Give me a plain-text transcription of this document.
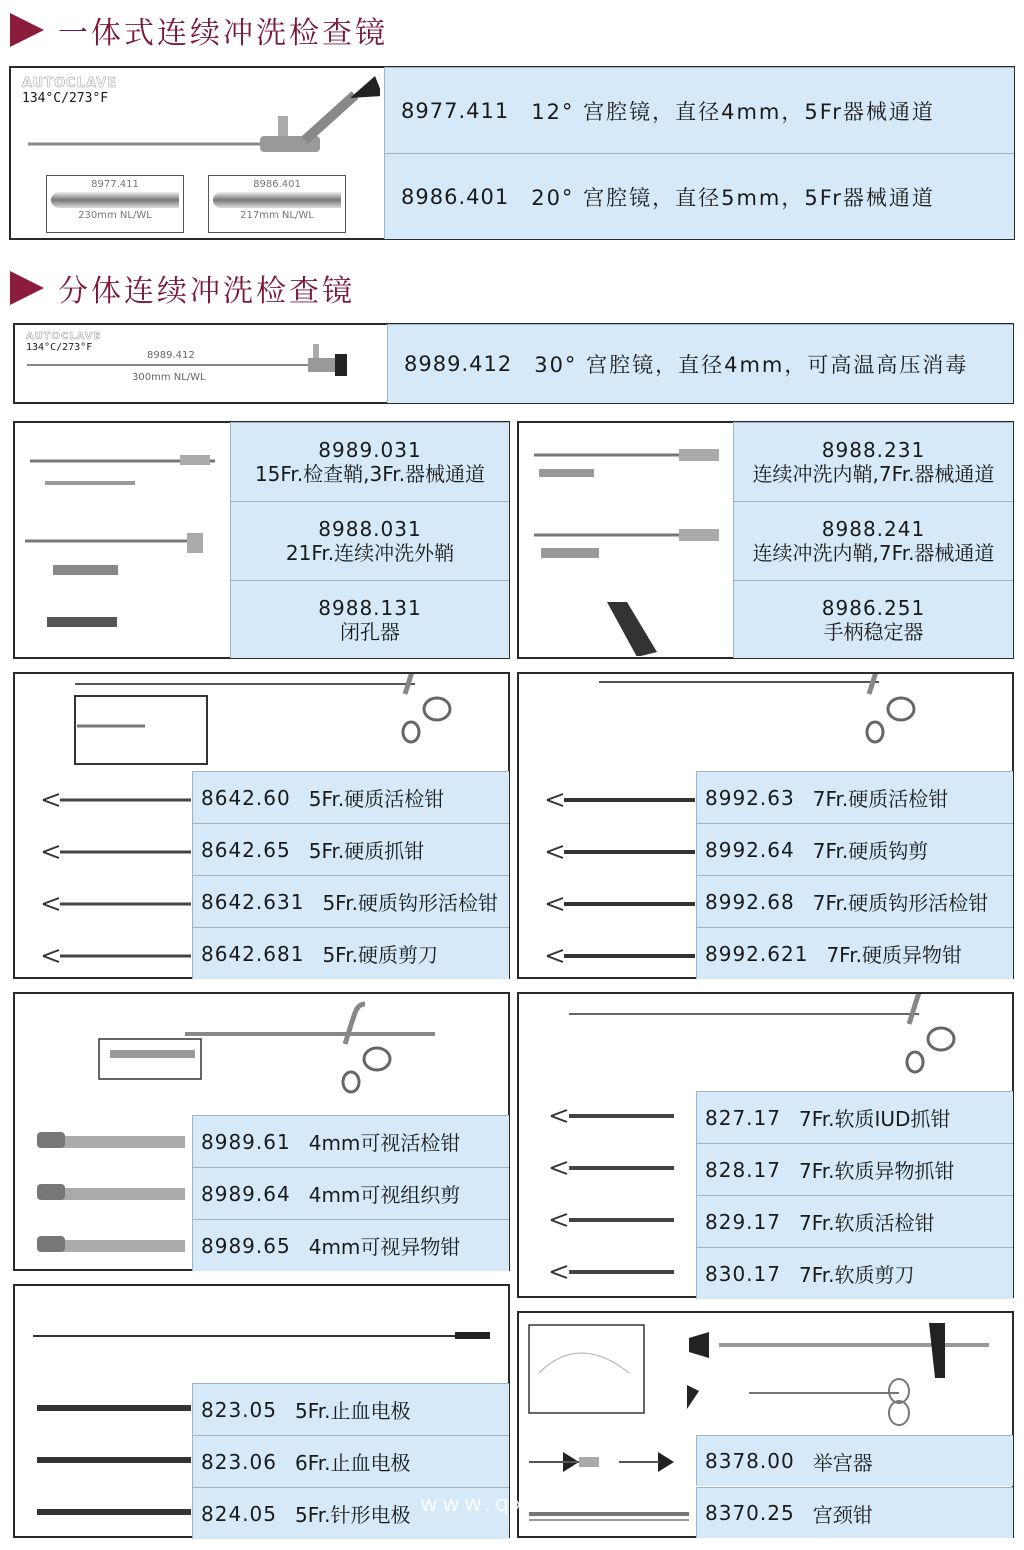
一体式连续冲洗检查镜
分体连续冲洗检查镜
AUTOCLAVE
134°C/273°F
8977.411
230mm NL/WL
8986.401
217mm NL/WL
8977.411 12° 宫腔镜，直径4mm，5Fr器械通道
8986.401 20° 宫腔镜，直径5mm，5Fr器械通道
AUTOCLAVE
134°C/273°F
8989.412
300mm NL/WL
8989.412 30° 宫腔镜，直径4mm，可高温高压消毒
8989.031
15Fr.检查鞘,3Fr.器械通道
8988.031
21Fr.连续冲洗外鞘
8988.131
闭孔器
8988.231
连续冲洗内鞘,7Fr.器械通道
8988.241
连续冲洗内鞘,7Fr.器械通道
8986.251
手柄稳定器
8642.60 5Fr.硬质活检钳	8992.63 7Fr.硬质活检钳
8642.65 5Fr.硬质抓钳	8992.64 7Fr.硬质钩剪
8642.631 5Fr.硬质钩形活检钳	8992.68 7Fr.硬质钩形活检钳
8642.681 5Fr.硬质剪刀	8992.621 7Fr.硬质异物钳
8989.61 4mm可视活检钳
8989.64 4mm可视组织剪
8989.65 4mm可视异物钳
827.17 7Fr.软质IUD抓钳
828.17 7Fr.软质异物抓钳
829.17 7Fr.软质活检钳
830.17 7Fr.软质剪刀
823.05 5Fr.止血电极
823.06 6Fr.止血电极
824.05 5Fr.针形电极
8378.00 举宫器
8370.25 宫颈钳
www.qxw .com
